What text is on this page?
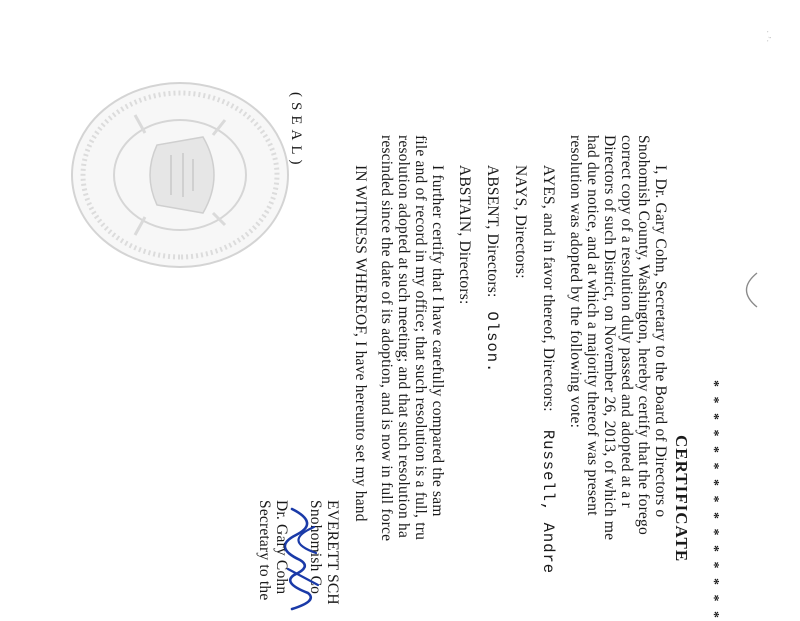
· ʼ·
* * * * * * * * * * * * * * *
CERTIFICATE
I, Dr. Gary Cohn, Secretary to the Board of Directors o
Snohomish County, Washington, hereby certify that the forego
correct copy of a resolution duly passed and adopted at a r
Directors of such District, on November 26, 2013, of which me
had due notice, and at which a majority thereof was present
resolution was adopted by the following vote:
AYES, and in favor thereof, Directors: Russell, Andre
NAYS, Directors:
ABSENT, Directors: Olson.
ABSTAIN, Directors:
I further certify that I have carefully compared the sam
file and of record in my office; that such resolution is a full, tru
resolution adopted at such meeting; and that such resolution ha
rescinded since the date of its adoption, and is now in full force
IN WITNESS WHEREOF, I have hereunto set my hand
(SEAL)
EVERETT SCH
Snohomish Co
Dr. Gary Cohn
Secretary to the
